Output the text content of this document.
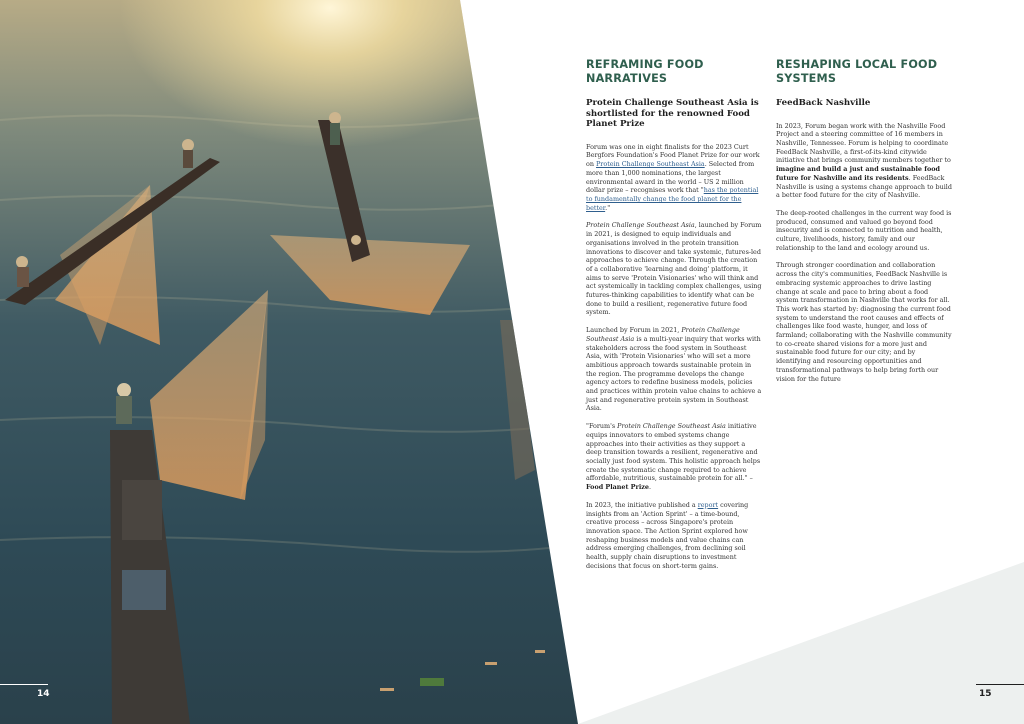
REFRAMING FOOD NARRATIVES
Protein Challenge Southeast Asia is shortlisted for the renowned Food Planet Prize

Forum was one in eight finalists for the 2023 Curt Bergfors Foundation's Food Planet Prize for our work on Protein Challenge Southeast Asia. Selected from more than 1,000 nominations, the largest environmental award in the world – US 2 million dollar prize – recognises work that "has the potential to fundamentally change the food planet for the better."

Protein Challenge Southeast Asia, launched by Forum in 2021, is designed to equip individuals and organisations involved in the protein transition innovations to discover and take systemic, futures-led approaches to achieve change. Through the creation of a collaborative 'learning and doing' platform, it aims to serve 'Protein Visionaries' who will think and act systemically in tackling complex challenges, using futures-thinking capabilities to identify what can be done to build a resilient, regenerative future food system.

Launched by Forum in 2021, Protein Challenge Southeast Asia is a multi-year inquiry that works with stakeholders across the food system in Southeast Asia, with 'Protein Visionaries' who will set a more ambitious approach towards sustainable protein in the region. The programme develops the change agency actors to redefine business models, policies and practices within protein value chains to achieve a just and regenerative protein system in Southeast Asia.

"Forum's Protein Challenge Southeast Asia initiative equips innovators to embed systems change approaches into their activities as they support a deep transition towards a resilient, regenerative and socially just food system. This holistic approach helps create the systematic change required to achieve affordable, nutritious, sustainable protein for all." – Food Planet Prize.

In 2023, the initiative published a report covering insights from an 'Action Sprint' – a time-bound, creative process – across Singapore's protein innovation space. The Action Sprint explored how reshaping business models and value chains can address emerging challenges, from declining soil health, supply chain disruptions to investment decisions that focus on short-term gains.

RESHAPING LOCAL FOOD SYSTEMS
FeedBack Nashville

In 2023, Forum began work with the Nashville Food Project and a steering committee of 16 members in Nashville, Tennessee. Forum is helping to coordinate FeedBack Nashville, a first-of-its-kind citywide initiative that brings community members together to imagine and build a just and sustainable food future for Nashville and its residents. FeedBack Nashville is using a systems change approach to build a better food future for the city of Nashville.

The deep-rooted challenges in the current way food is produced, consumed and valued go beyond food insecurity and is connected to nutrition and health, culture, livelihoods, history, family and our relationship to the land and ecology around us.

Through stronger coordination and collaboration across the city's communities, FeedBack Nashville is embracing systemic approaches to drive lasting change at scale and pace to bring about a food system transformation in Nashville that works for all. This work has started by: diagnosing the current food system to understand the root causes and effects of challenges like food waste, hunger, and loss of farmland; collaborating with the Nashville community to co-create shared visions for a more just and sustainable food future for our city; and by identifying and resourcing opportunities and transformational pathways to help bring forth our vision for the future

14	15
